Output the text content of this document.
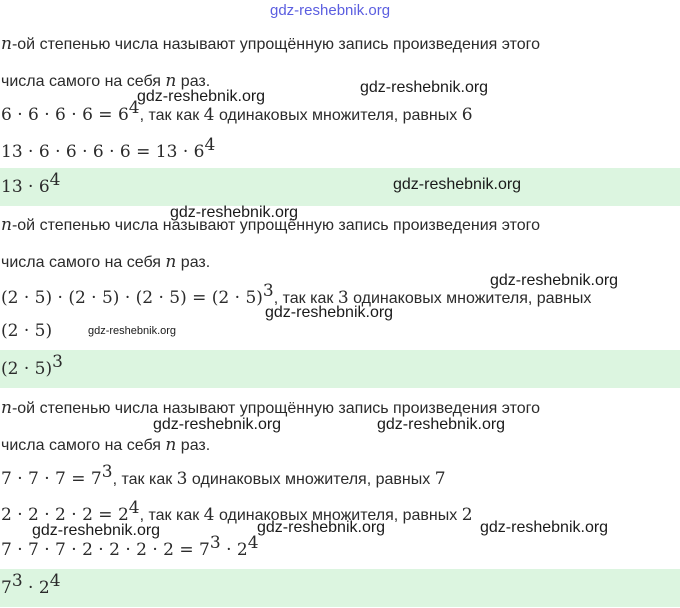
gdz-reshebnik.org
n-ой степенью числа называют упрощённую запись произведения этого
числа самого на себя n раз.
$6 \cdot 6 \cdot 6 \cdot 6 = 6^4$, так как 4 одинаковых множителя, равных 6
$13 \cdot 6 \cdot 6 \cdot 6 \cdot 6 = 13 \cdot 6^4$
$13 \cdot 6^4$
n-ой степенью числа называют упрощённую запись произведения этого
числа самого на себя n раз.
$(2 \cdot 5) \cdot (2 \cdot 5) \cdot (2 \cdot 5) = (2 \cdot 5)^3$, так как 3 одинаковых множителя, равных
(2 · 5)
$(2 \cdot 5)^3$
n-ой степенью числа называют упрощённую запись произведения этого
числа самого на себя n раз.
$7 \cdot 7 \cdot 7 = 7^3$, так как 3 одинаковых множителя, равных 7
$2 \cdot 2 \cdot 2 \cdot 2 = 2^4$, так как 4 одинаковых множителя, равных 2
$7 \cdot 7 \cdot 7 \cdot 2 \cdot 2 \cdot 2 \cdot 2 = 7^3 \cdot 2^4$
$7^3 \cdot 2^4$
gdz-reshebnik.org
gdz-reshebnik.org
gdz-reshebnik.org
gdz-reshebnik.org
gdz-reshebnik.org
gdz-reshebnik.org
gdz-reshebnik.org
gdz-reshebnik.org	gdz-reshebnik.org
gdz-reshebnik.org	gdz-reshebnik.org	gdz-reshebnik.org
